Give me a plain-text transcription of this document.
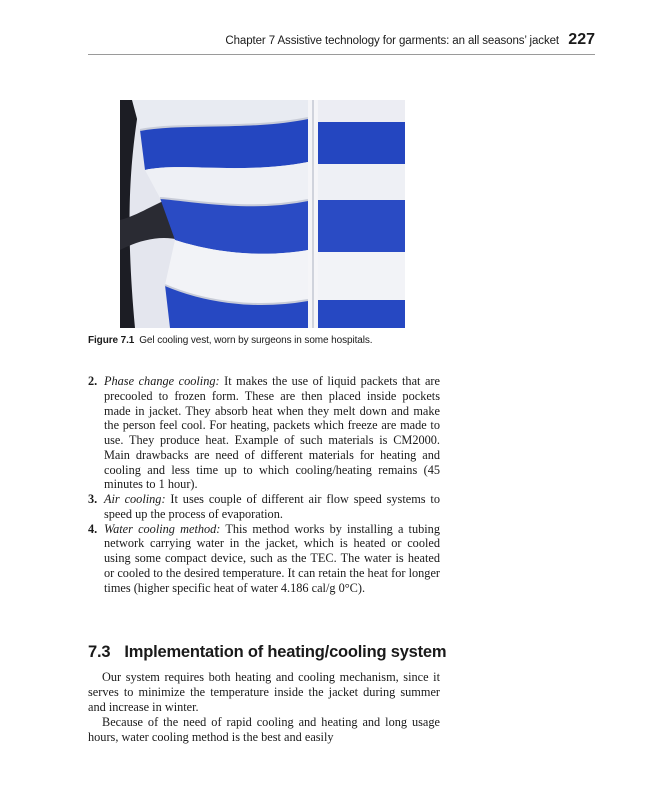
Chapter 7 Assistive technology for garments: an all seasons’ jacket 227
Figure 7.1 Gel cooling vest, worn by surgeons in some hospitals.
2. Phase change cooling: It makes the use of liquid packets that are precooled to frozen form. These are then placed inside pockets made in jacket. They absorb heat when they melt down and make the person feel cool. For heating, packets which freeze are made to use. They produce heat. Example of such materials is CM2000. Main drawbacks are need of different materials for heating and cooling and less time up to which cooling/heating remains (45 minutes to 1 hour).
3. Air cooling: It uses couple of different air flow speed systems to speed up the process of evaporation.
4. Water cooling method: This method works by installing a tubing network carrying water in the jacket, which is heated or cooled using some compact device, such as the TEC. The water is heated or cooled to the desired temperature. It can retain the heat for longer times (higher specific heat of water 4.186 cal/g 0°C).
7.3 Implementation of heating/cooling system

Our system requires both heating and cooling mechanism, since it serves to minimize the temperature inside the jacket during summer and increase in winter.

Because of the need of rapid cooling and heating and long usage hours, water cooling method is the best and easily
